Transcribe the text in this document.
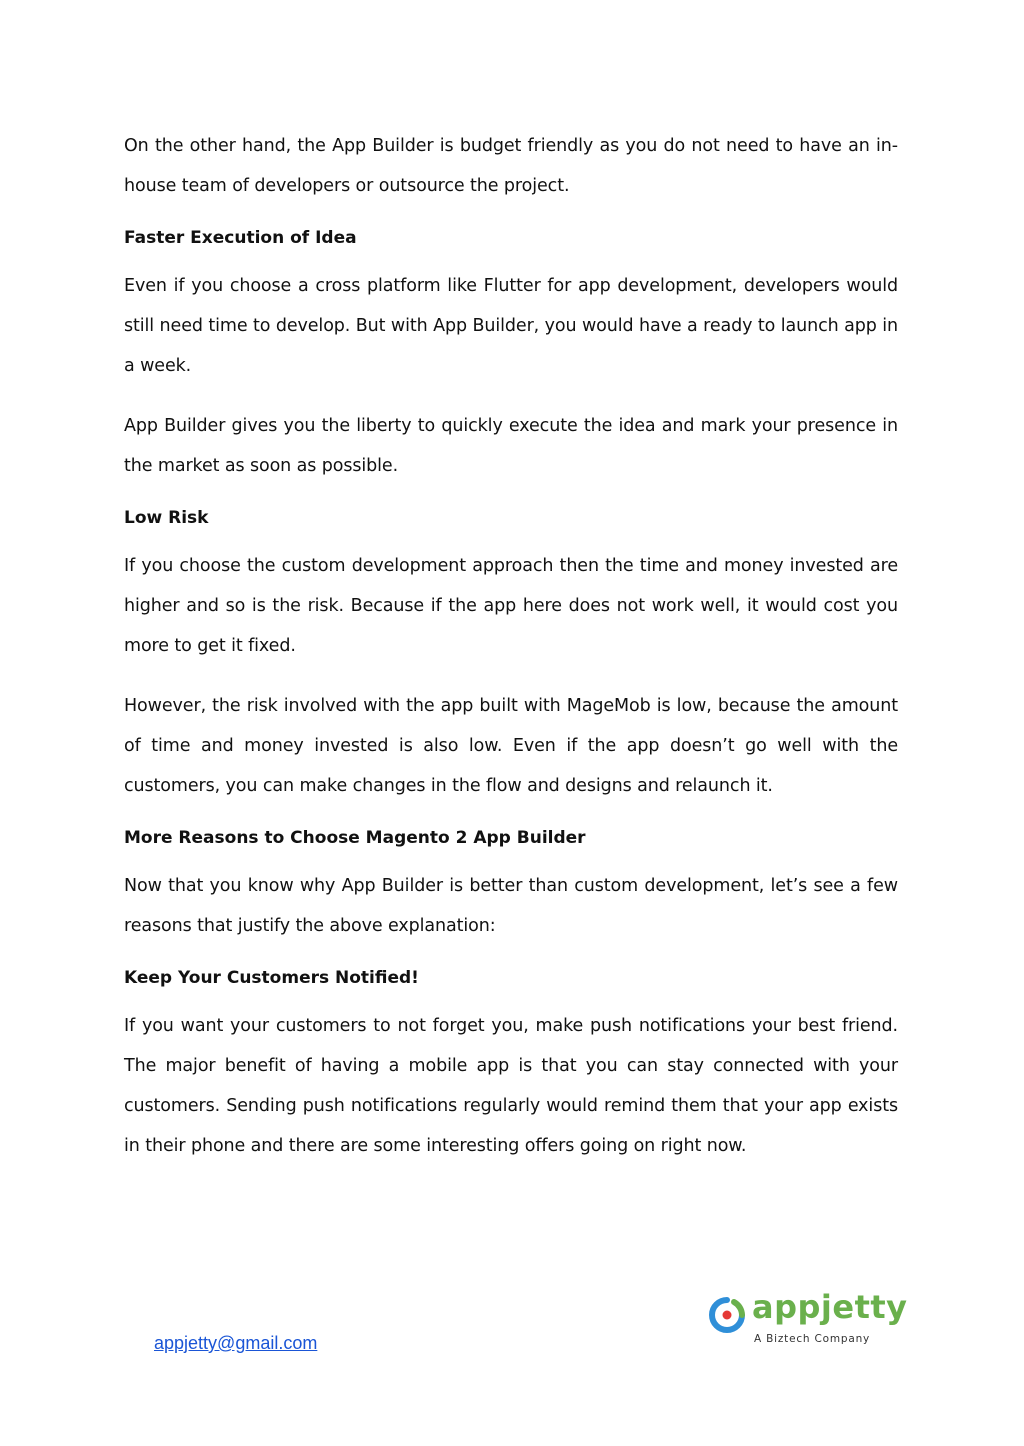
On the other hand, the App Builder is budget friendly as you do not need to have an in-house team of developers or outsource the project.

Faster Execution of Idea

Even if you choose a cross platform like Flutter for app development, developers would still need time to develop. But with App Builder, you would have a ready to launch app in a week.

App Builder gives you the liberty to quickly execute the idea and mark your presence in the market as soon as possible.

Low Risk

If you choose the custom development approach then the time and money invested are higher and so is the risk. Because if the app here does not work well, it would cost you more to get it fixed.

However, the risk involved with the app built with MageMob is low, because the amount of time and money invested is also low. Even if the app doesn’t go well with the customers, you can make changes in the flow and designs and relaunch it.

More Reasons to Choose Magento 2 App Builder

Now that you know why App Builder is better than custom development, let’s see a few reasons that justify the above explanation:

Keep Your Customers Notified!

If you want your customers to not forget you, make push notifications your best friend. The major benefit of having a mobile app is that you can stay connected with your customers. Sending push notifications regularly would remind them that your app exists in their phone and there are some interesting offers going on right now.

appjetty@gmail.com
appjetty
A Biztech Company
